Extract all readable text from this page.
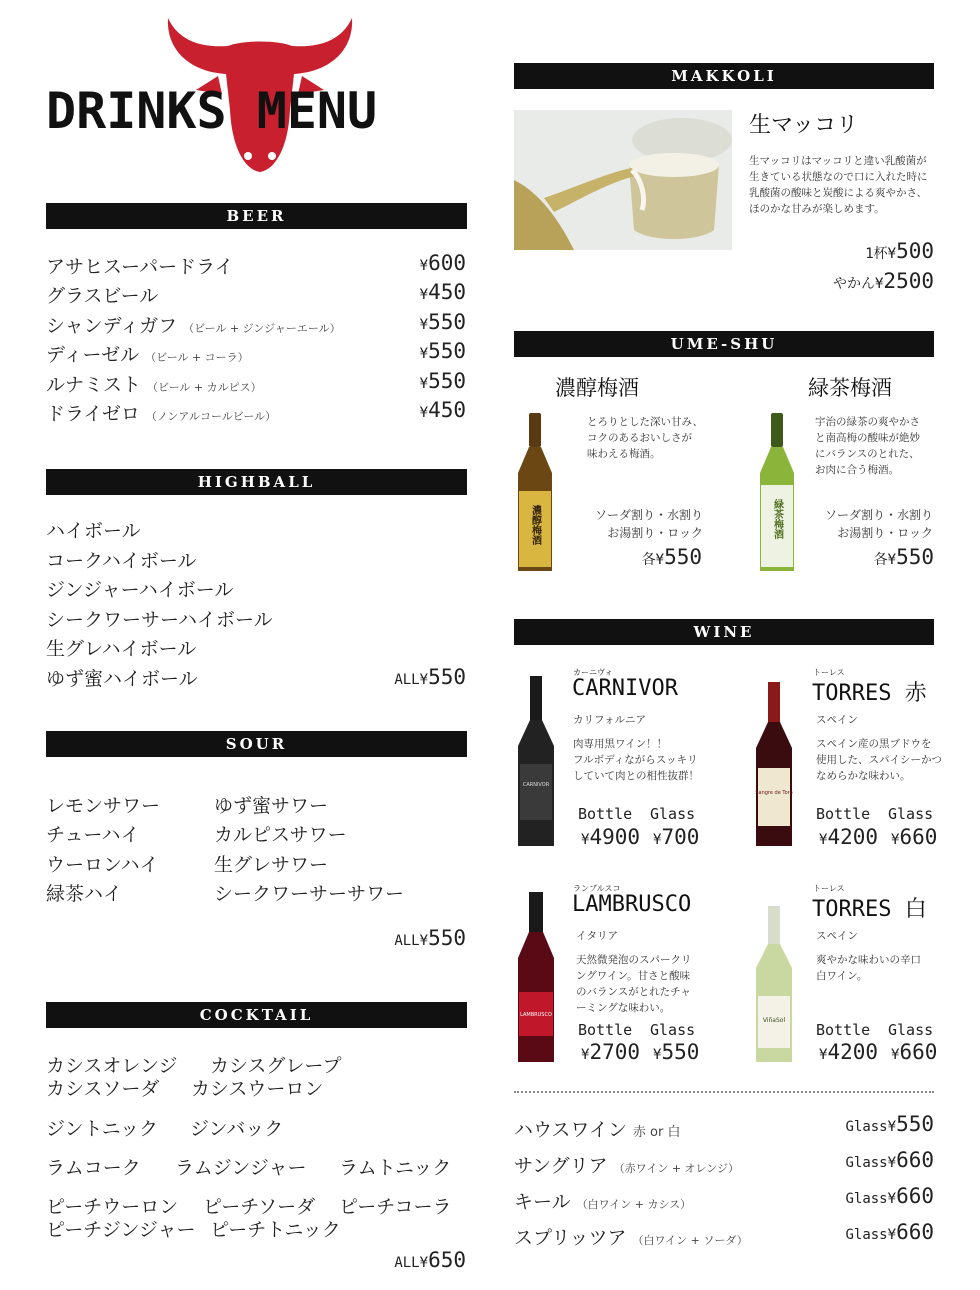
DRINKS MENU
BEER
アサヒスーパードライ	¥600
グラスビール	¥450
シャンディガフ （ビール + ジンジャーエール）	¥550
ディーゼル （ビール + コーラ）	¥550
ルナミスト （ビール + カルピス）	¥550
ドライゼロ （ノンアルコールビール）	¥450
HIGHBALL
ハイボール
コークハイボール
ジンジャーハイボール
シークワーサーハイボール
生グレハイボール
ゆず蜜ハイボール	ALL¥550
SOUR
レモンサワー
チューハイ
ウーロンハイ
緑茶ハイ
ゆず蜜サワー
カルピスサワー
生グレサワー
シークワーサーサワー
ALL¥550
COCKTAIL
カシスオレンジ カシスグレープ
カシスソーダ カシスウーロン
ジントニック ジンバック
ラムコーク ラムジンジャー ラムトニック
ピーチウーロン ピーチソーダ ピーチコーラ
ピーチジンジャー ピーチトニック
ALL¥650
MAKKOLI
生マッコリ
生マッコリはマッコリと違い乳酸菌が
生きている状態なので口に入れた時に
乳酸菌の酸味と炭酸による爽やかさ、
ほのかな甘みが楽しめます。
1杯¥500
やかん¥2500
UME-SHU
濃醇梅酒	緑茶梅酒
濃醇梅酒
とろりとした深い甘み、
コクのあるおいしさが
味わえる梅酒。
ソーダ割り・水割り
お湯割り・ロック
各¥550
緑茶梅酒
宇治の緑茶の爽やかさ
と南高梅の酸味が絶妙
にバランスのとれた、
お肉に合う梅酒。
ソーダ割り・水割り
お湯割り・ロック
各¥550
WINE
CARNIVOR
カーニヴォ
CARNIVOR
カリフォルニア
肉専用黒ワイン！！
フルボディながらスッキリ
していて肉との相性抜群！
Bottle Glass
¥4900 ¥700
Sangre de Toro
トーレス
TORRES 赤
スペイン
スペイン産の黒ブドウを
使用した、スパイシーかつ
なめらかな味わい。
Bottle Glass
¥4200 ¥660
LAMBRUSCO
ランブルスコ
LAMBRUSCO
イタリア
天然微発泡のスパークリ
ングワイン。甘さと酸味
のバランスがとれたチャ
ーミングな味わい。
Bottle Glass
¥2700 ¥550
ViñaSol
トーレス
TORRES 白
スペイン
爽やかな味わいの辛口
白ワイン。
Bottle Glass
¥4200 ¥660
ハウスワイン 赤 or 白	Glass¥550
サングリア （赤ワイン + オレンジ）	Glass¥660
キール （白ワイン + カシス）	Glass¥660
スプリッツア （白ワイン + ソーダ）	Glass¥660
